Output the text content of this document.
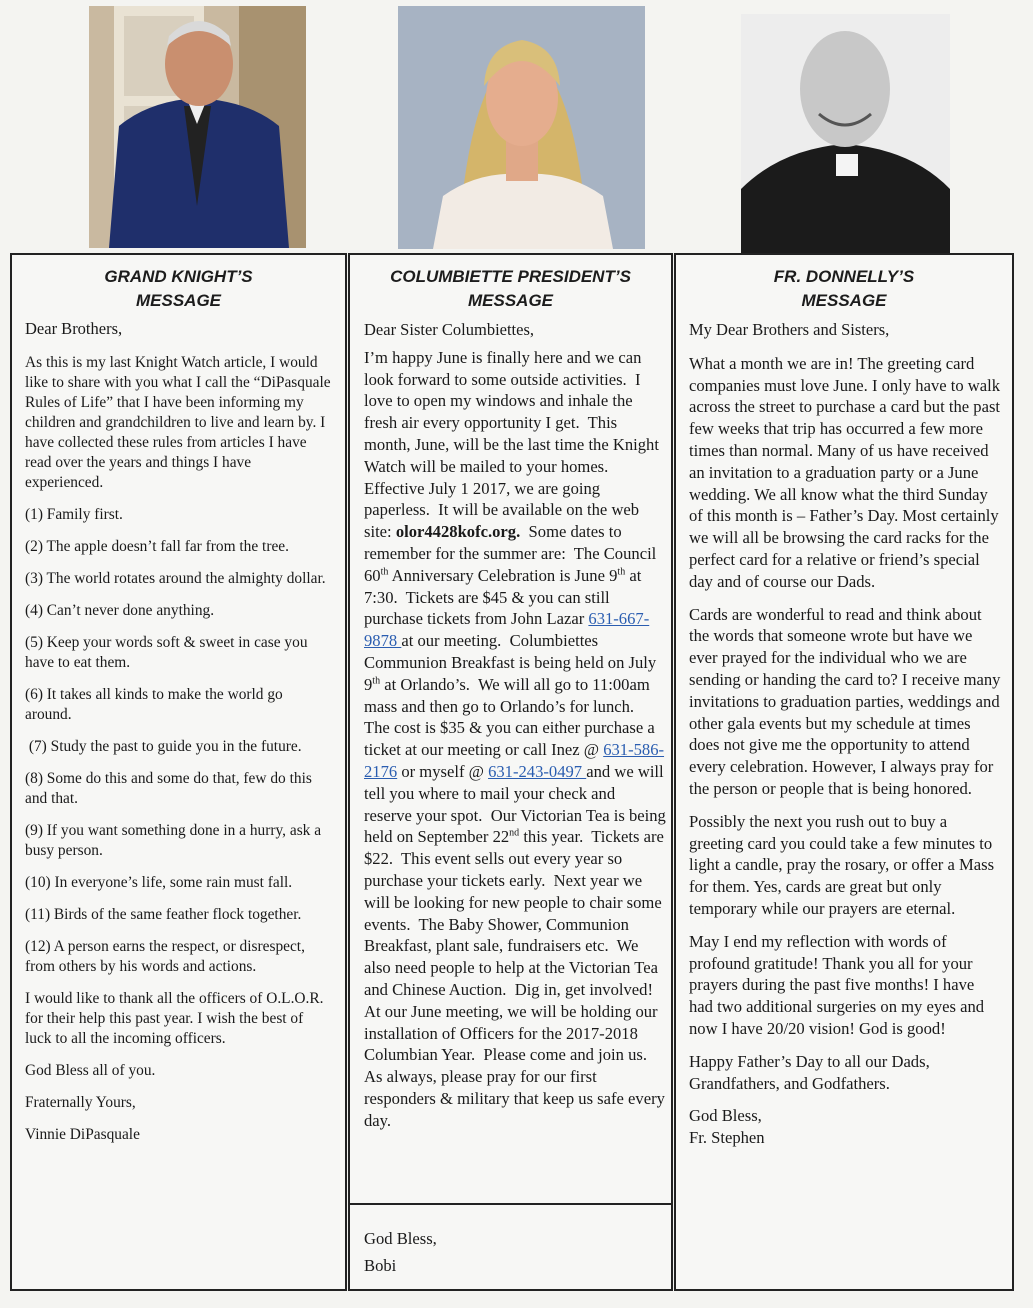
GRAND KNIGHT’S
MESSAGE

Dear Brothers,

As this is my last Knight Watch article, I would like to share with you what I call the “DiPasquale Rules of Life” that I have been informing my children and grandchildren to live and learn by. I have collected these rules from articles I have read over the years and things I have experienced.

(1) Family first.

(2) The apple doesn’t fall far from the tree.

(3) The world rotates around the almighty dollar.

(4) Can’t never done anything.

(5) Keep your words soft & sweet in case you have to eat them.

(6) It takes all kinds to make the world go around.

(7) Study the past to guide you in the future.

(8) Some do this and some do that, few do this and that.

(9) If you want something done in a hurry, ask a busy person.

(10) In everyone’s life, some rain must fall.

(11) Birds of the same feather flock together.

(12) A person earns the respect, or disrespect, from others by his words and actions.

I would like to thank all the officers of O.L.O.R. for their help this past year. I wish the best of luck to all the incoming officers.

God Bless all of you.

Fraternally Yours,

Vinnie DiPasquale

COLUMBIETTE PRESIDENT’S
MESSAGE

Dear Sister Columbiettes,

I’m happy June is finally here and we can look forward to some outside activities.  I love to open my windows and inhale the fresh air every opportunity I get.  This month, June, will be the last time the Knight Watch will be mailed to your homes.  Effective July 1 2017, we are going paperless.  It will be available on the web site: olor4428kofc.org.  Some dates to remember for the summer are:  The Council 60th Anniversary Celebration is June 9th at 7:30.  Tickets are $45 & you can still purchase tickets from John Lazar 631-667-9878 at our meeting.  Columbiettes Communion Breakfast is being held on July 9th at Orlando’s.  We will all go to 11:00am mass and then go to Orlando’s for lunch.  The cost is $35 & you can either purchase a ticket at our meeting or call Inez @ 631-586-2176 or myself @ 631-243-0497 and we will tell you where to mail your check and reserve your spot.  Our Victorian Tea is being held on September 22nd this year.  Tickets are $22.  This event sells out every year so purchase your tickets early.  Next year we will be looking for new people to chair some events.  The Baby Shower, Communion Breakfast, plant sale, fundraisers etc.  We also need people to help at the Victorian Tea and Chinese Auction.  Dig in, get involved!  At our June meeting, we will be holding our installation of Officers for the 2017-2018 Columbian Year.  Please come and join us.  As always, please pray for our first responders & military that keep us safe every day.

God Bless,
Bobi
FR. DONNELLY’S
MESSAGE

My Dear Brothers and Sisters,

What a month we are in! The greeting card companies must love June. I only have to walk across the street to purchase a card but the past few weeks that trip has occurred a few more times than normal. Many of us have received an invitation to a graduation party or a June wedding. We all know what the third Sunday of this month is – Father’s Day. Most certainly we will all be browsing the card racks for the perfect card for a relative or friend’s special day and of course our Dads.

Cards are wonderful to read and think about the words that someone wrote but have we ever prayed for the individual who we are sending or handing the card to? I receive many invitations to graduation parties, weddings and other gala events but my schedule at times does not give me the opportunity to attend every celebration. However, I always pray for the person or people that is being honored.

Possibly the next you rush out to buy a greeting card you could take a few minutes to light a candle, pray the rosary, or offer a Mass for them. Yes, cards are great but only temporary while our prayers are eternal.

May I end my reflection with words of profound gratitude! Thank you all for your prayers during the past five months! I have had two additional surgeries on my eyes and now I have 20/20 vision! God is good!

Happy Father’s Day to all our Dads, Grandfathers, and Godfathers.

God Bless,
Fr. Stephen
